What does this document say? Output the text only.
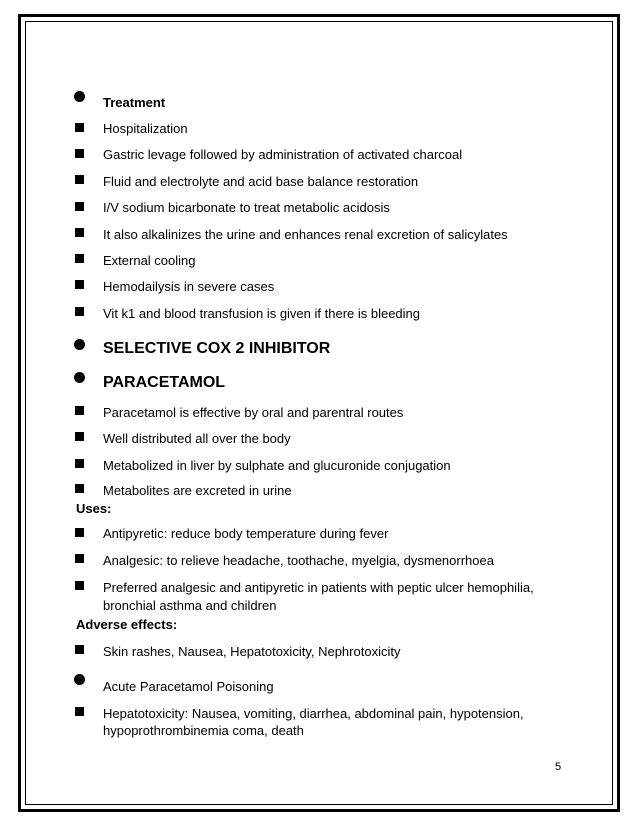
Treatment
Hospitalization
Gastric levage followed by administration of activated charcoal
Fluid and electrolyte and acid base balance restoration
I/V sodium bicarbonate to treat metabolic acidosis
It also alkalinizes the urine and enhances renal excretion of salicylates
External cooling
Hemodailysis in severe cases
Vit k1 and blood transfusion is given if there is bleeding
SELECTIVE COX 2 INHIBITOR
PARACETAMOL
Paracetamol is effective by oral and parentral routes
Well distributed all over the body
Metabolized in liver by sulphate and glucuronide conjugation
Metabolites are excreted in urine
Uses:
Antipyretic: reduce body temperature during fever
Analgesic: to relieve headache, toothache, myelgia, dysmenorrhoea
Preferred analgesic and antipyretic in patients with peptic ulcer hemophilia,
bronchial asthma and children
Adverse effects:
Skin rashes, Nausea, Hepatotoxicity, Nephrotoxicity
Acute Paracetamol Poisoning
Hepatotoxicity: Nausea, vomiting, diarrhea, abdominal pain, hypotension,
hypoprothrombinemia coma, death
5
